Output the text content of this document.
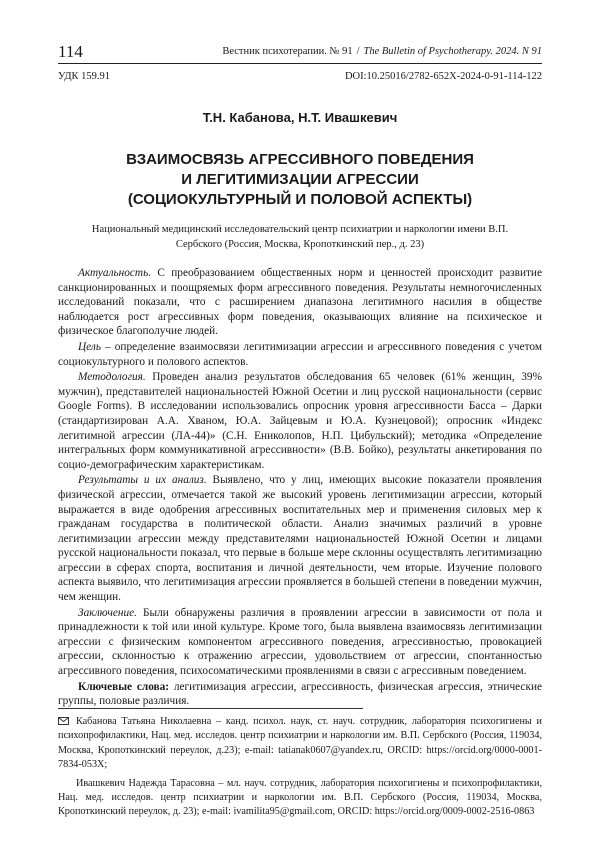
114	Вестник психотерапии. № 91 / The Bulletin of Psychotherapy. 2024. N 91
УДК 159.91	DOI:10.25016/2782-652X-2024-0-91-114-122
Т.Н. Кабанова, Н.Т. Ивашкевич
ВЗАИМОСВЯЗЬ АГРЕССИВНОГО ПОВЕДЕНИЯ
И ЛЕГИТИМИЗАЦИИ АГРЕССИИ
(СОЦИОКУЛЬТУРНЫЙ И ПОЛОВОЙ АСПЕКТЫ)
Национальный медицинский исследовательский центр психиатрии и наркологии имени В.П. Сербского (Россия, Москва, Кропоткинский пер., д. 23)

Актуальность. С преобразованием общественных норм и ценностей происходит развитие санкционированных и поощряемых форм агрессивного поведения. Результаты немногочисленных исследований показали, что с расширением диапазона легитимного насилия в обществе наблюдается рост агрессивных форм поведения, оказывающих влияние на психическое и физическое благополучие людей.

Цель – определение взаимосвязи легитимизации агрессии и агрессивного поведения с учетом социокультурного и полового аспектов.

Методология. Проведен анализ результатов обследования 65 человек (61% женщин, 39% мужчин), представителей национальностей Южной Осетии и лиц русской национальности (сервис Google Forms). В исследовании использовались опросник уровня агрессивности Басса – Дарки (стандартизирован А.А. Хваном, Ю.А. Зайцевым и Ю.А. Кузнецовой); опросник «Индекс легитимной агрессии (ЛА-44)» (С.Н. Ениколопов, Н.П. Цибульский); методика «Определение интегральных форм коммуникативной агрессивности» (В.В. Бойко), результаты анкетирования по социо-демографическим характеристикам.

Результаты и их анализ. Выявлено, что у лиц, имеющих высокие показатели проявления физической агрессии, отмечается такой же высокий уровень легитимизации агрессии, который выражается в виде одобрения агрессивных воспитательных мер и применения силовых мер к гражданам государства в политической области. Анализ значимых различий в уровне легитимизации агрессии между представителями национальностей Южной Осетии и лицами русской национальности показал, что первые в больше мере склонны осуществлять легитимизацию агрессии в сферах спорта, воспитания и личной деятельности, чем вторые. Изучение полового аспекта выявило, что легитимизация агрессии проявляется в большей степени в поведении мужчин, чем женщин.

Заключение. Были обнаружены различия в проявлении агрессии в зависимости от пола и принадлежности к той или иной культуре. Кроме того, была выявлена взаимосвязь легитимизации агрессии с физическим компонентом агрессивного поведения, агрессивностью, провокацией агрессии, склонностью к отражению агрессии, удовольствием от агрессии, спонтанностью агрессивного поведения, психосоматическими проявлениями в связи с агрессивным поведением.

Ключевые слова: легитимизация агрессии, агрессивность, физическая агрессия, этнические группы, половые различия.

Кабанова Татьяна Николаевна – канд. психол. наук, ст. науч. сотрудник, лаборатория психогигиены и психопрофилактики, Нац. мед. исследов. центр психиатрии и наркологии им. В.П. Сербского (Россия, 119034, Москва, Кропоткинский переулок, д.23); e-mail: tatianak0607@yandex.ru, ORCID: https://orcid.org/0000-0001-7834-053X;

Ивашкевич Надежда Тарасовна – мл. науч. сотрудник, лаборатория психогигиены и психопрофилактики, Нац. мед. исследов. центр психиатрии и наркологии им. В.П. Сербского (Россия, 119034, Москва, Кропоткинский переулок, д. 23); e-mail: ivamilita95@gmail.com, ORCID: https://orcid.org/0009-0002-2516-0863
